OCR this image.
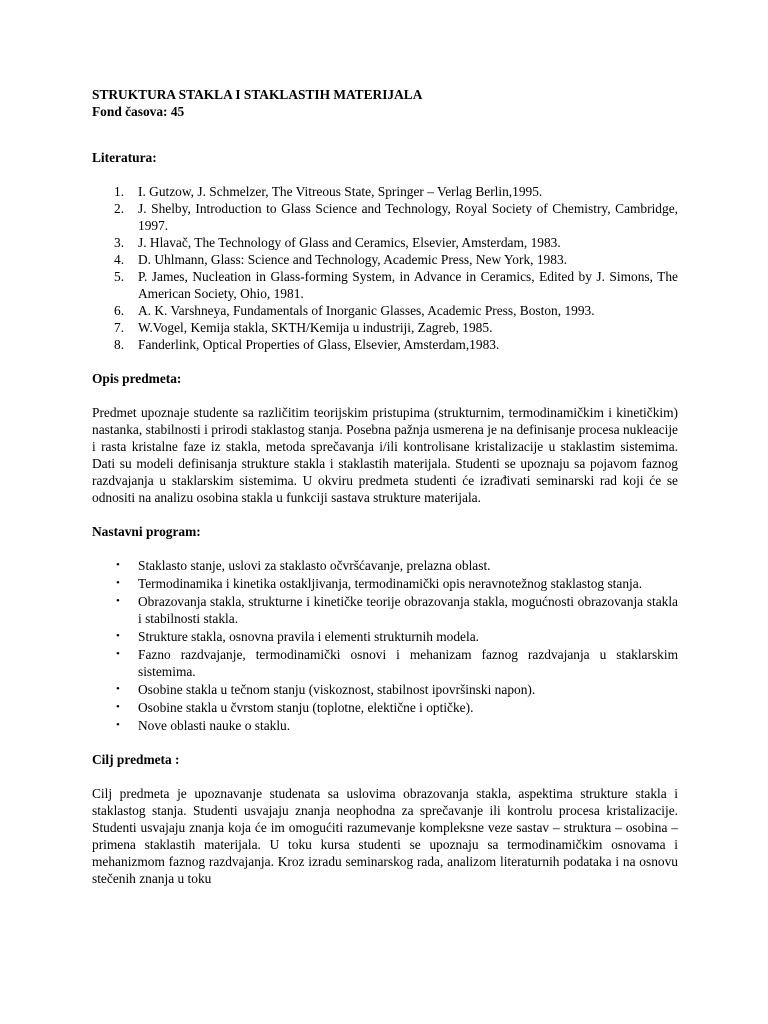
STRUKTURA STAKLA I STAKLASTIH MATERIJALA

Fond časova: 45

Literatura:

1. I. Gutzow, J. Schmelzer, The Vitreous State, Springer – Verlag Berlin,1995.
2. J. Shelby, Introduction to Glass Science and Technology, Royal Society of Chemistry, Cambridge, 1997.
3. J. Hlavač, The Technology of Glass and Ceramics, Elsevier, Amsterdam, 1983.
4. D. Uhlmann, Glass: Science and Technology, Academic Press, New York, 1983.
5. P. James, Nucleation in Glass-forming System, in Advance in Ceramics, Edited by J. Simons, The American Society, Ohio, 1981.
6. A. K. Varshneya, Fundamentals of Inorganic Glasses, Academic Press, Boston, 1993.
7. W.Vogel, Kemija stakla, SKTH/Kemija u industriji, Zagreb, 1985.
8. Fanderlink, Optical Properties of Glass, Elsevier, Amsterdam,1983.

Opis predmeta:

Predmet upoznaje studente sa različitim teorijskim pristupima (strukturnim, termodinamičkim i kinetičkim) nastanka, stabilnosti i prirodi staklastog stanja. Posebna pažnja usmerena je na definisanje procesa nukleacije i rasta kristalne faze iz stakla, metoda sprečavanja i/ili kontrolisane kristalizacije u staklastim sistemima. Dati su modeli definisanja strukture stakla i staklastih materijala. Studenti se upoznaju sa pojavom faznog razdvajanja u staklarskim sistemima. U okviru predmeta studenti će izrađivati seminarski rad koji će se odnositi na analizu osobina stakla u funkciji sastava strukture materijala.

Nastavni program:

• Staklasto stanje, uslovi za staklasto očvršćavanje, prelazna oblast.
• Termodinamika i kinetika ostakljivanja, termodinamički opis neravnotežnog staklastog stanja.
• Obrazovanja stakla, strukturne i kinetičke teorije obrazovanja stakla, mogućnosti obrazovanja stakla i stabilnosti stakla.
• Strukture stakla, osnovna pravila i elementi strukturnih modela.
• Fazno razdvajanje, termodinamički osnovi i mehanizam faznog razdvajanja u staklarskim sistemima.
• Osobine stakla u tečnom stanju (viskoznost, stabilnost ipovršinski napon).
• Osobine stakla u čvrstom stanju (toplotne, elektične i optičke).
• Nove oblasti nauke o staklu.

Cilj predmeta :

Cilj predmeta je upoznavanje studenata sa uslovima obrazovanja stakla, aspektima strukture stakla i staklastog stanja. Studenti usvajaju znanja neophodna za sprečavanje ili kontrolu procesa kristalizacije. Studenti usvajaju znanja koja će im omogućiti razumevanje kompleksne veze sastav – struktura – osobina – primena staklastih materijala. U toku kursa studenti se upoznaju sa termodinamičkim osnovama i mehanizmom faznog razdvajanja. Kroz izradu seminarskog rada, analizom literaturnih podataka i na osnovu stečenih znanja u toku
